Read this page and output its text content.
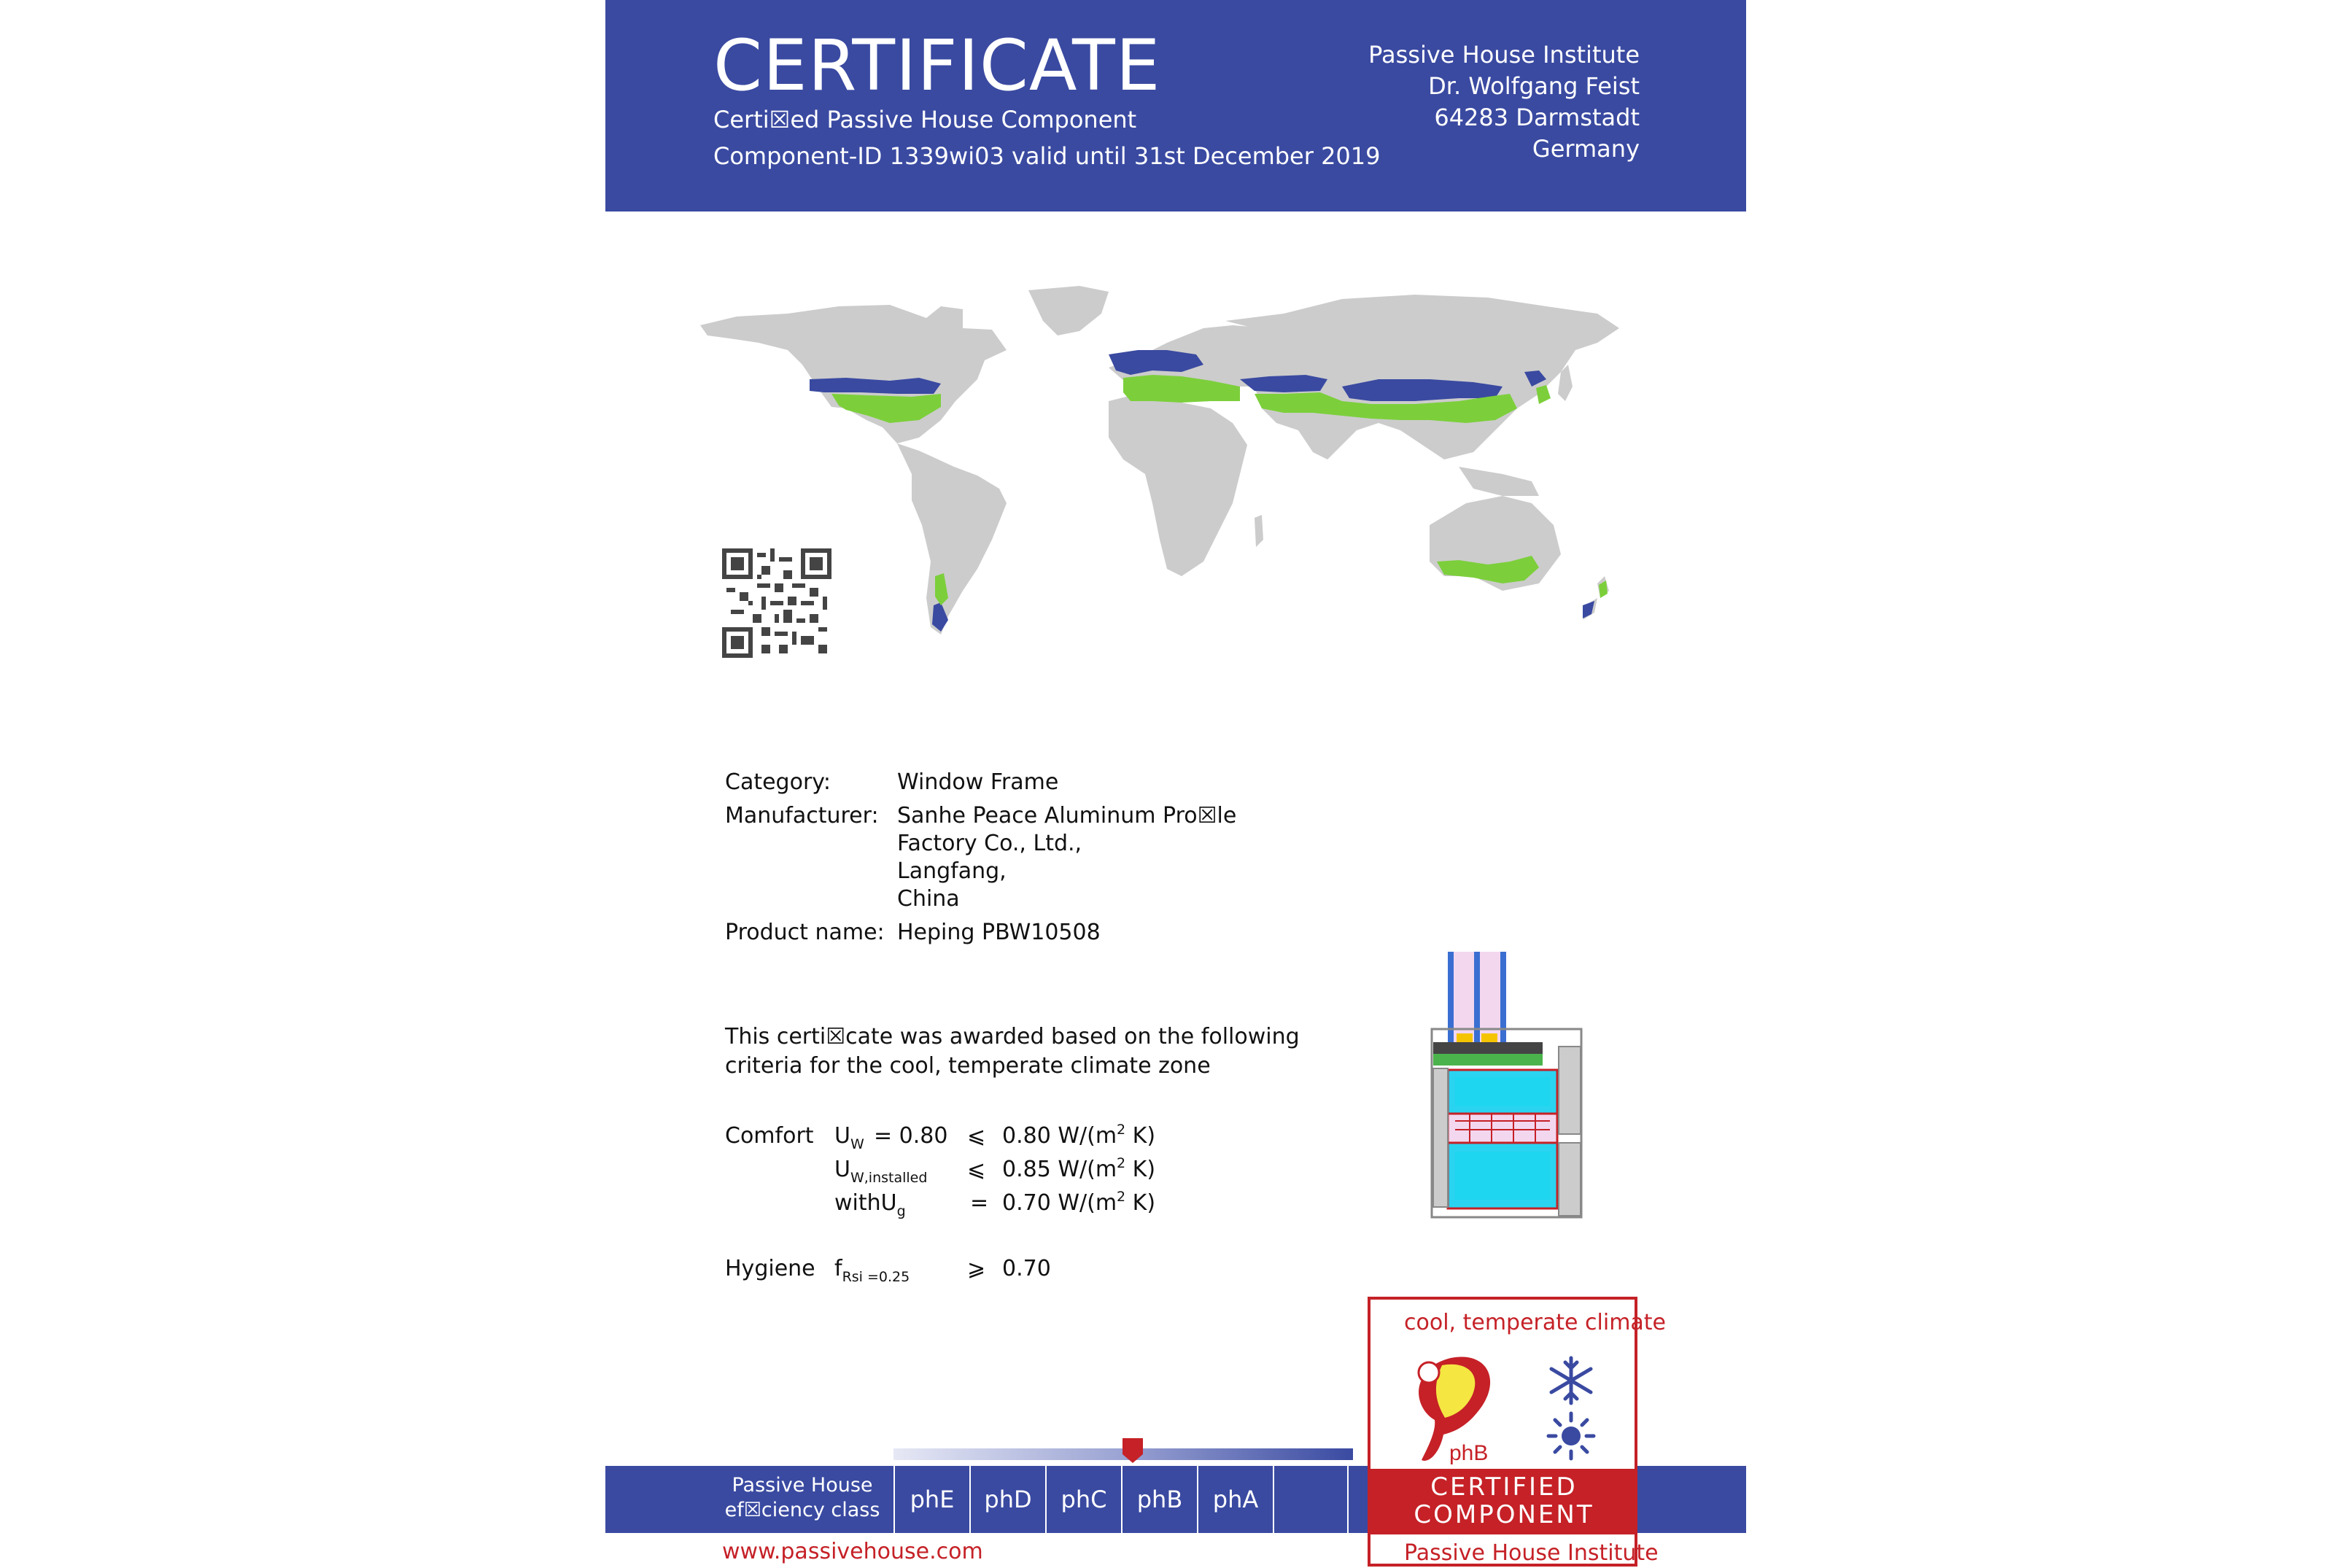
CERTIFICATE
Certi☒ed Passive House Component
Component-ID 1339wi03 valid until 31st December 2019
Passive House Institute
Dr. Wolfgang Feist
64283 Darmstadt
Germany
Category:	Window Frame
Manufacturer: Sanhe Peace Aluminum Pro☒le
Factory Co., Ltd.,
Langfang,
China
Product name: Heping PBW10508
This certi☒cate was awarded based on the following
criteria for the cool, temperate climate zone
Comfort $U_W = 0.80$ ⩽ 0.80 $W/(m^2$ K)
$U_{W,installed}$ ⩽ 0.85 $W/(m^2$ K)
withU$_g$	= 0.70 $W/(m^2$ K)
Hygiene $f_{Rsi =0.25}$	⩾ 0.70
Passive House
ef☒ciency class	phE	phD	phC	phB	phA
cool, temperate climate
phB
CERTIFIED
COMPONENT
Passive House Institute
www.passivehouse.com
